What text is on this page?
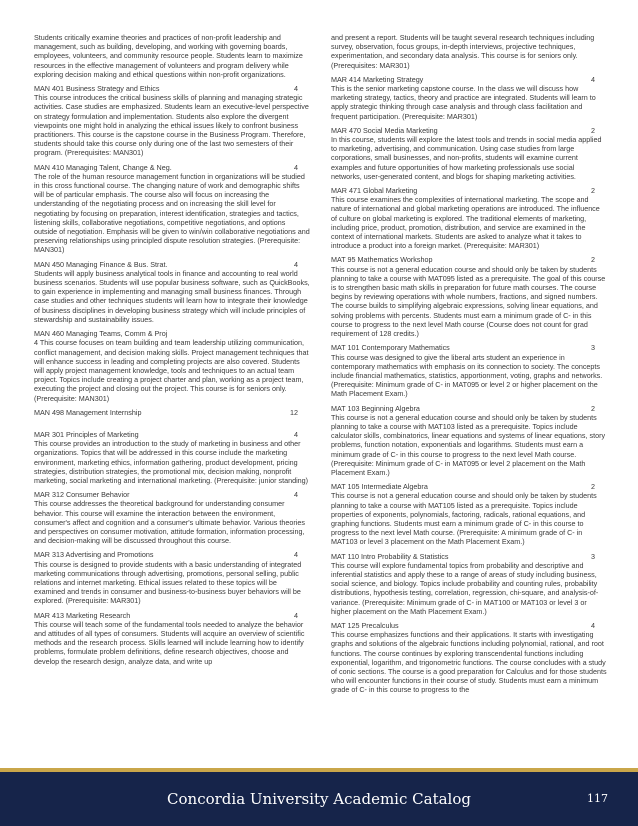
Students critically examine theories and practices of non-profit leadership and management, such as building, developing, and working with governing boards, employees, volunteers, and community resource people. Students learn to maximize resources in the effective management of volunteers and program delivery while exploring decision making and ethical questions within non-profit organizations.

MAN 401 Business Strategy and Ethics	4

This course introduces the critical business skills of planning and managing strategic activities. Case studies are emphasized. Students learn an executive-level perspective on strategy formulation and implementation. Students also explore the divergent viewpoints one might hold in analyzing the ethical issues likely to confront business practitioners. This course is the capstone course in the Business Program. Therefore, students should take this course only during one of the last two semesters of their program. (Prerequisites: MAN301)

MAN 410 Managing Talent, Change & Neg.	4

The role of the human resource management function in organizations will be studied in this cross functional course. The changing nature of work and demographic shifts will be of particular emphasis. The course also will focus on increasing the understanding of the negotiating process and on increasing the skill level for negotiating by focusing on preparation, interest identification, strategies and tactics, listening skills, collaborative negotiations, competitive negotiations, and options outside of negotiation. Emphasis will be given to win/win collaborative negotiations and preserving relationships using principled dispute resolution strategies. (Prerequisite: MAN301)

MAN 450 Managing Finance & Bus. Strat.	4

Students will apply business analytical tools in finance and accounting to real world business scenarios. Students will use popular business software, such as QuickBooks, to gain experience in implementing and managing small business finances. Through case studies and other techniques students will learn how to integrate their knowledge of business disciplines in developing business strategy which will include principles of stewardship and sustainability issues.

MAN 460 Managing Teams, Comm & Proj

4 This course focuses on team building and team leadership utilizing communication, conflict management, and decision making skills. Project management techniques that will enhance success in leading and completing projects are also covered. Students will apply project management knowledge, tools and techniques to an actual team project. Topics include creating a project charter and plan, working as a project team, executing the project and closing out the project. This course is for seniors only. (Prerequisite: MAN301)

MAN 498 Management Internship	12
MAR 301 Principles of Marketing	4

This course provides an introduction to the study of marketing in business and other organizations. Topics that will be addressed in this course include the marketing environment, marketing ethics, information gathering, product development, pricing strategies, distribution strategies, the promotional mix, decision making, nonprofit marketing, social marketing and international marketing. (Prerequisite: junior standing)

MAR 312 Consumer Behavior	4

This course addresses the theoretical background for understanding consumer behavior. This course will examine the interaction between the environment, consumer's affect and cognition and a consumer's ultimate behavior. Various theories and perspectives on consumer motivation, attitude formation, information processing, and decision-making will be discussed throughout this course.

MAR 313 Advertising and Promotions	4

This course is designed to provide students with a basic understanding of integrated marketing communications through advertising, promotions, personal selling, public relations and internet marketing. Ethical issues related to these topics will be examined and trends in consumer and business-to-business buyer behaviors will be explored. (Prerequisite: MAR301)

MAR 413 Marketing Research	4

This course will teach some of the fundamental tools needed to analyze the behavior and attitudes of all types of consumers. Students will acquire an overview of scientific methods and the research process. Skills learned will include learning how to identify problems, formulate problem definitions, define research objectives, choose and develop the research design, analyze data, and write up

and present a report. Students will be taught several research techniques including survey, observation, focus groups, in-depth interviews, projective techniques, experimentation, and secondary data analysis. This course is for seniors only. (Prerequisites: MAR301)

MAR 414 Marketing Strategy	4

This is the senior marketing capstone course. In the class we will discuss how marketing strategy, tactics, theory and practice are integrated. Students will learn to apply strategic thinking through case analysis and through class facilitation and frequent participation. (Prerequisite: MAR301)

MAR 470 Social Media Marketing	2

In this course, students will explore the latest tools and trends in social media applied to marketing, advertising, and communication. Using case studies from large corporations, small businesses, and non-profits, students will examine current examples and future opportunities of how marketing professionals use social networks, user-generated content, and blogs for shaping marketing activities.

MAR 471 Global Marketing	2

This course examines the complexities of international marketing. The scope and nature of international and global marketing operations are introduced. The influence of culture on global marketing is explored. The traditional elements of marketing, including price, product, promotion, distribution, and service are examined in the context of international markets. Students are asked to analyze what it takes to introduce a product into a foreign market. (Prerequisite: MAR301)

MAT 95 Mathematics Workshop	2

This course is not a general education course and should only be taken by students planning to take a course with MAT095 listed as a prerequisite. The goal of this course is to strengthen basic math skills in preparation for future math courses. The course begins by reviewing operations with whole numbers, fractions, and signed numbers. The course builds to simplifying algebraic expressions, solving linear equations, and solving problems with percents. Students must earn a minimum grade of C- in this course to progress to the next level Math course (Course does not count for grad requirement of 128 credits.)

MAT 101 Contemporary Mathematics	3

This course was designed to give the liberal arts student an experience in contemporary mathematics with emphasis on its connection to society. The concepts include financial mathematics, statistics, apportionment, voting, graphs and networks. (Prerequisite: Minimum grade of C- in MAT095 or level 2 or higher placement on the Math Placement Exam.)

MAT 103 Beginning Algebra	2

This course is not a general education course and should only be taken by students planning to take a course with MAT103 listed as a prerequisite. Topics include calculator skills, combinatorics, linear equations and systems of linear equations, story problems, function notation, exponentials and logarithms. Students must earn a minimum grade of C- in this course to progress to the next level Math course. (Prerequisite: Minimum grade of C- in MAT095 or level 2 placement on the Math Placement Exam.)

MAT 105 Intermediate Algebra	2

This course is not a general education course and should only be taken by students planning to take a course with MAT105 listed as a prerequisite. Topics include properties of exponents, polynomials, factoring, radicals, rational equations, and graphing functions. Students must earn a minimum grade of C- in this course to progress to the next level Math course. (Prerequisite: A minimum grade of C- in MAT103 or level 3 placement on the Math Placement Exam.)

MAT 110 Intro Probability & Statistics	3

This course will explore fundamental topics from probability and descriptive and inferential statistics and apply these to a range of areas of study including business, social science, and biology. Topics include probability and counting rules, probability distributions, hypothesis testing, correlation, regression, chi-square, and analysis-of-variance. (Prerequisite: Minimum grade of C- in MAT100 or MAT103 or level 3 or higher placement on the Math Placement Exam.)

MAT 125 Precalculus	4

This course emphasizes functions and their applications. It starts with investigating graphs and solutions of the algebraic functions including polynomial, rational, and root functions. The course continues by exploring transcendental functions including exponential, logarithm, and trigonometric functions. The course concludes with a study of conic sections. The course is a good preparation for Calculus and for those students who will encounter functions in their course of study. Students must earn a minimum grade of C- in this course to progress to the

Concordia University Academic Catalog	117
